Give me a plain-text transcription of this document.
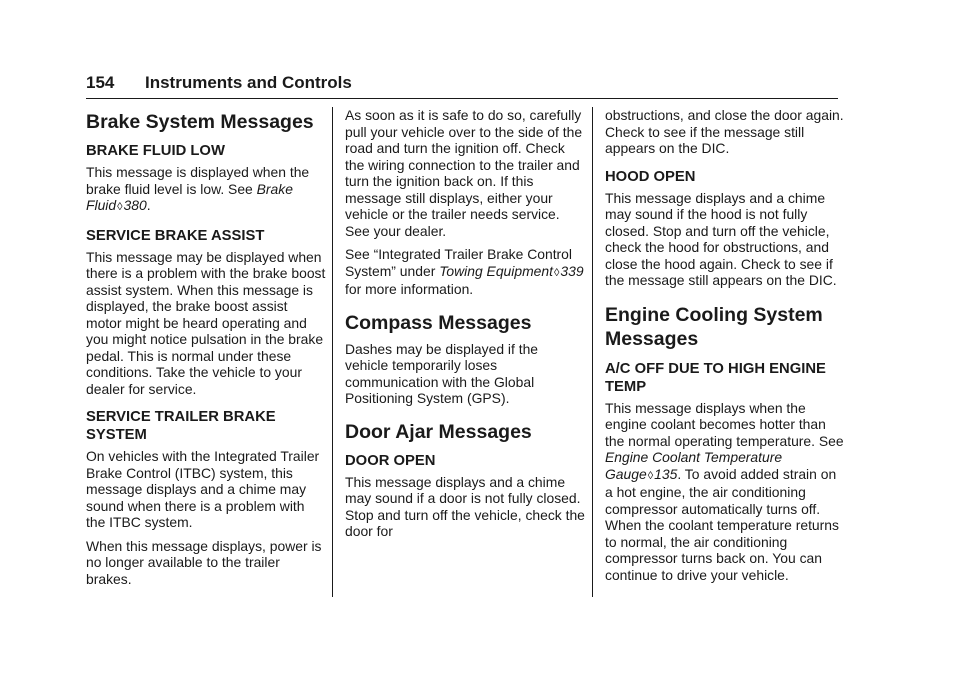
154 Instruments and Controls
Brake System Messages
BRAKE FLUID LOW

This message is displayed when the brake fluid level is low. See Brake Fluid◊380.

SERVICE BRAKE ASSIST

This message may be displayed when there is a problem with the brake boost assist system. When this message is displayed, the brake boost assist motor might be heard operating and you might notice pulsation in the brake pedal. This is normal under these conditions. Take the vehicle to your dealer for service.

SERVICE TRAILER BRAKE SYSTEM

On vehicles with the Integrated Trailer Brake Control (ITBC) system, this message displays and a chime may sound when there is a problem with the ITBC system.

When this message displays, power is no longer available to the trailer brakes.

As soon as it is safe to do so, carefully pull your vehicle over to the side of the road and turn the ignition off. Check the wiring connection to the trailer and turn the ignition back on. If this message still displays, either your vehicle or the trailer needs service. See your dealer.

See “Integrated Trailer Brake Control System” under Towing Equipment◊339 for more information.

Compass Messages

Dashes may be displayed if the vehicle temporarily loses communication with the Global Positioning System (GPS).

Door Ajar Messages
DOOR OPEN

This message displays and a chime may sound if a door is not fully closed. Stop and turn off the vehicle, check the door for

obstructions, and close the door again. Check to see if the message still appears on the DIC.

HOOD OPEN

This message displays and a chime may sound if the hood is not fully closed. Stop and turn off the vehicle, check the hood for obstructions, and close the hood again. Check to see if the message still appears on the DIC.

Engine Cooling System Messages
A/C OFF DUE TO HIGH ENGINE TEMP

This message displays when the engine coolant becomes hotter than the normal operating temperature. See Engine Coolant Temperature Gauge◊135. To avoid added strain on a hot engine, the air conditioning compressor automatically turns off. When the coolant temperature returns to normal, the air conditioning compressor turns back on. You can continue to drive your vehicle.
